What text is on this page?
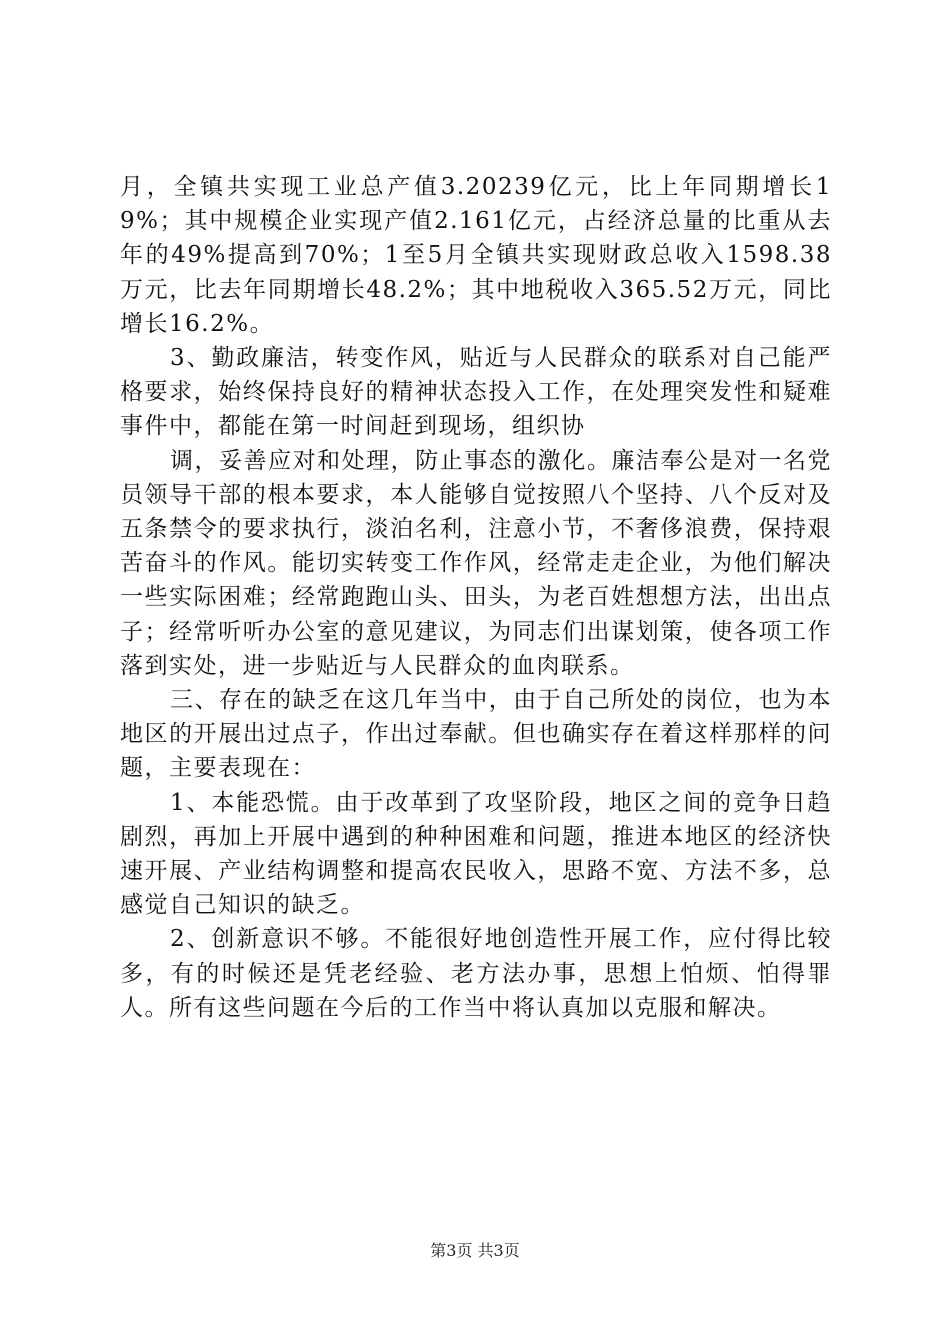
月，全镇共实现工业总产值3.20239亿元，比上年同期增长19%；其中规模企业实现产值2.161亿元，占经济总量的比重从去年的49%提高到70%；1至5月全镇共实现财政总收入1598.38万元，比去年同期增长48.2%；其中地税收入365.52万元，同比增长16.2%。

3、勤政廉洁，转变作风，贴近与人民群众的联系对自己能严格要求，始终保持良好的精神状态投入工作，在处理突发性和疑难事件中，都能在第一时间赶到现场，组织协

调，妥善应对和处理，防止事态的激化。廉洁奉公是对一名党员领导干部的根本要求，本人能够自觉按照八个坚持、八个反对及五条禁令的要求执行，淡泊名利，注意小节，不奢侈浪费，保持艰苦奋斗的作风。能切实转变工作作风，经常走走企业，为他们解决一些实际困难；经常跑跑山头、田头，为老百姓想想方法，出出点子；经常听听办公室的意见建议，为同志们出谋划策，使各项工作落到实处，进一步贴近与人民群众的血肉联系。

三、存在的缺乏在这几年当中，由于自己所处的岗位，也为本地区的开展出过点子，作出过奉献。但也确实存在着这样那样的问题，主要表现在：

1、本能恐慌。由于改革到了攻坚阶段，地区之间的竞争日趋剧烈，再加上开展中遇到的种种困难和问题，推进本地区的经济快速开展、产业结构调整和提高农民收入，思路不宽、方法不多，总感觉自己知识的缺乏。

2、创新意识不够。不能很好地创造性开展工作，应付得比较多，有的时候还是凭老经验、老方法办事，思想上怕烦、怕得罪人。所有这些问题在今后的工作当中将认真加以克服和解决。

第3页 共3页
